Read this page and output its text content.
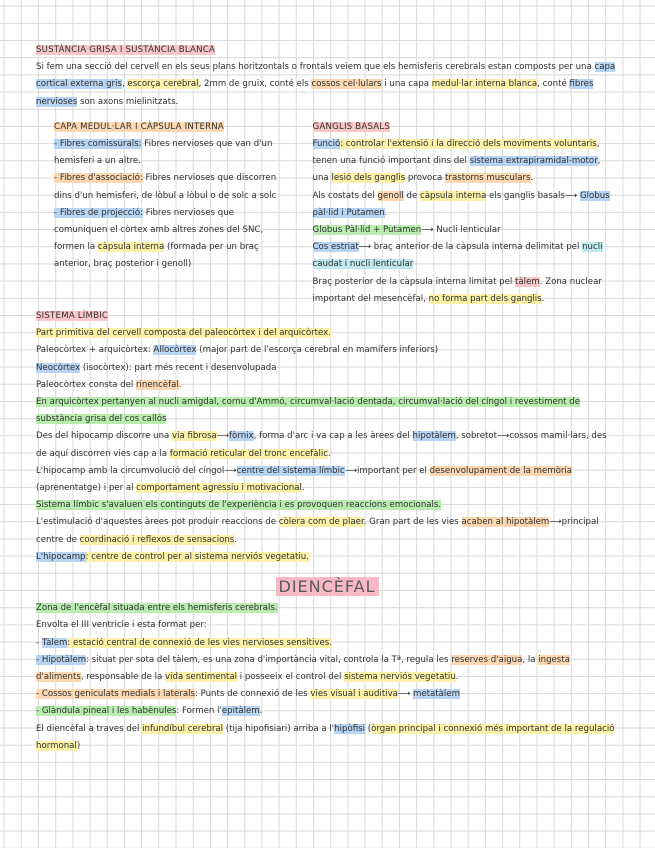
SUSTÀNCIA GRISA I SUSTÀNCIA BLANCA
Si fem una secció del cervell en els seus plans horitzontals o frontals veiem que els hemisferis cerebrals estan composts per una capa cortical externa gris, escorça cerebral, 2mm de gruix, conté els cossos cel·lulars i una capa medul·lar interna blanca, conté fibres nervioses son axons mielinitzats.
CAPA MEDUL·LAR I CÀPSULA INTERNA
- Fibres comissurals: Fibres nervioses que van d'un hemisferi a un altre.
- Fibres d'associació: Fibres nervioses que discorren dins d'un hemisferi, de lòbul a lòbul o de solc a solc
- Fibres de projecció: Fibres nervioses que comuniquen el còrtex amb altres zones del SNC, formen la càpsula interna (formada per un braç anterior, braç posterior i genoll)
GANGLIS BASALS
Funció: controlar l'extensió i la direcció dels moviments voluntaris, tenen una funció important dins del sistema extrapiramidal-motor, una lesió dels ganglis provoca trastorns musculars.
Als costats del genoll de càpsula interna els ganglis basals⟶ Globus pàl·lid i Putamen.
Globus Pàl·lid + Putamen⟶ Nucli lenticular
Cos estriat⟶ braç anterior de la càpsula interna delimitat pel nucli caudat i nucli lenticular
Braç posterior de la càpsula interna limitat pel tàlem. Zona nuclear important del mesencèfal, no forma part dels ganglis.
SISTEMA LÍMBIC
Part primitiva del cervell composta del paleocòrtex i del arquicòrtex.
Paleocòrtex + arquicòrtex: Allocòrtex (major part de l'escorça cerebral en mamífers inferiors)
Neocòrtex (isocòrtex): part més recent i desenvolupada
Paleocòrtex consta del rinencèfal.
En arquicòrtex pertanyen al nucli amigdal, cornu d'Ammó, circumval·lació dentada, circumval·lació del cíngol i revestiment de substància grisa del cos callós
Des del hipocamp discorre una via fibrosa⟶fòrnix, forma d'arc i va cap a les àrees del hipotàlem, sobretot⟶cossos mamil·lars, des de aquí discorren vies cap a la formació reticular del tronc encefàlic.
L'hipocamp amb la circumvolució del cíngol⟶centre del sistema límbic⟶important per el desenvolupament de la memòria (aprenentatge) i per al comportament agressiu i motivacional.
Sistema límbic s'avaluen els continguts de l'experiència i es provoquen reaccions emocionals.
L'estimulació d'aquestes àrees pot produir reaccions de còlera com de plaer. Gran part de les vies acaben al hipotàlem⟶principal centre de coordinació i reflexos de sensacions.
L'hipocamp: centre de control per al sistema nerviós vegetatiu.
DIENCÈFAL
Zona de l'encèfal situada entre els hemisferis cerebrals.
Envolta el III ventricle i esta format per:
- Tàlem: estació central de connexió de les vies nervioses sensitives.
- Hipotàlem: situat per sota del tàlem, es una zona d'importància vital, controla la Tª, regula les reserves d'aigua, la ingesta d'aliments, responsable de la vida sentimental i posseeix el control del sistema nerviós vegetatiu.
- Cossos geniculats medials i laterals: Punts de connexió de les vies visual i auditiva⟶ metatàlem
- Glàndula pineal i les habènules: Formen l'epitàlem.
El diencèfal a traves del infundíbul cerebral (tija hipofisiari) arriba a l'hipòfisi (òrgan principal i connexió més important de la regulació hormonal)
